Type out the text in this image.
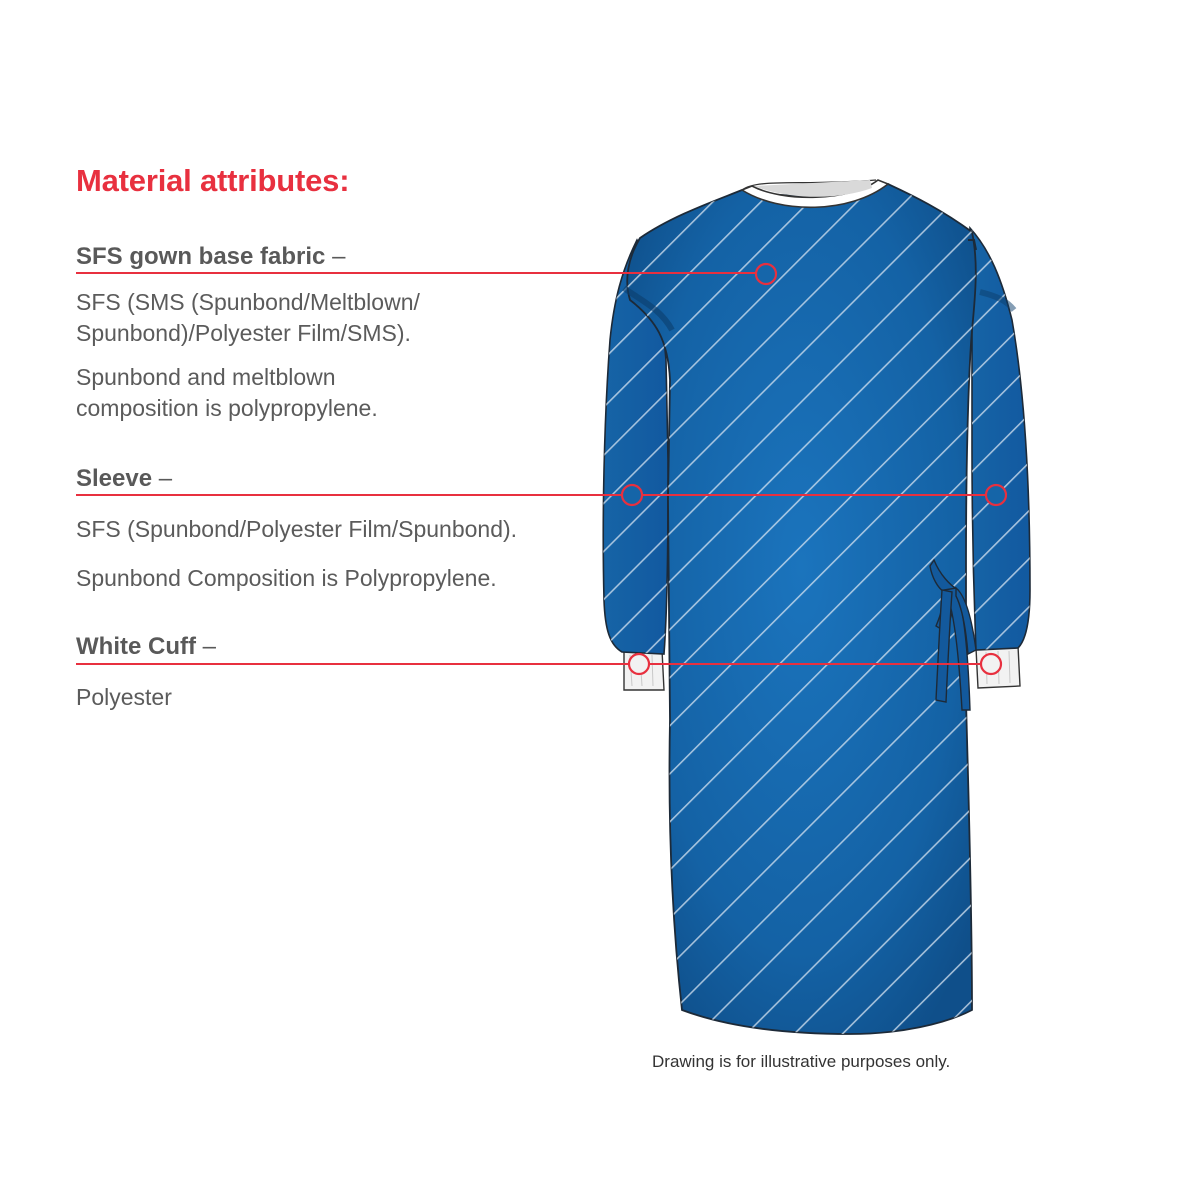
Material attributes:
SFS gown base fabric –

SFS (SMS (Spunbond/Meltblown/
Spunbond)/Polyester Film/SMS).

Spunbond and meltblown
composition is polypropylene.

Sleeve –

SFS (Spunbond/Polyester Film/Spunbond).

Spunbond Composition is Polypropylene.

White Cuff –

Polyester

Drawing is for illustrative purposes only.
